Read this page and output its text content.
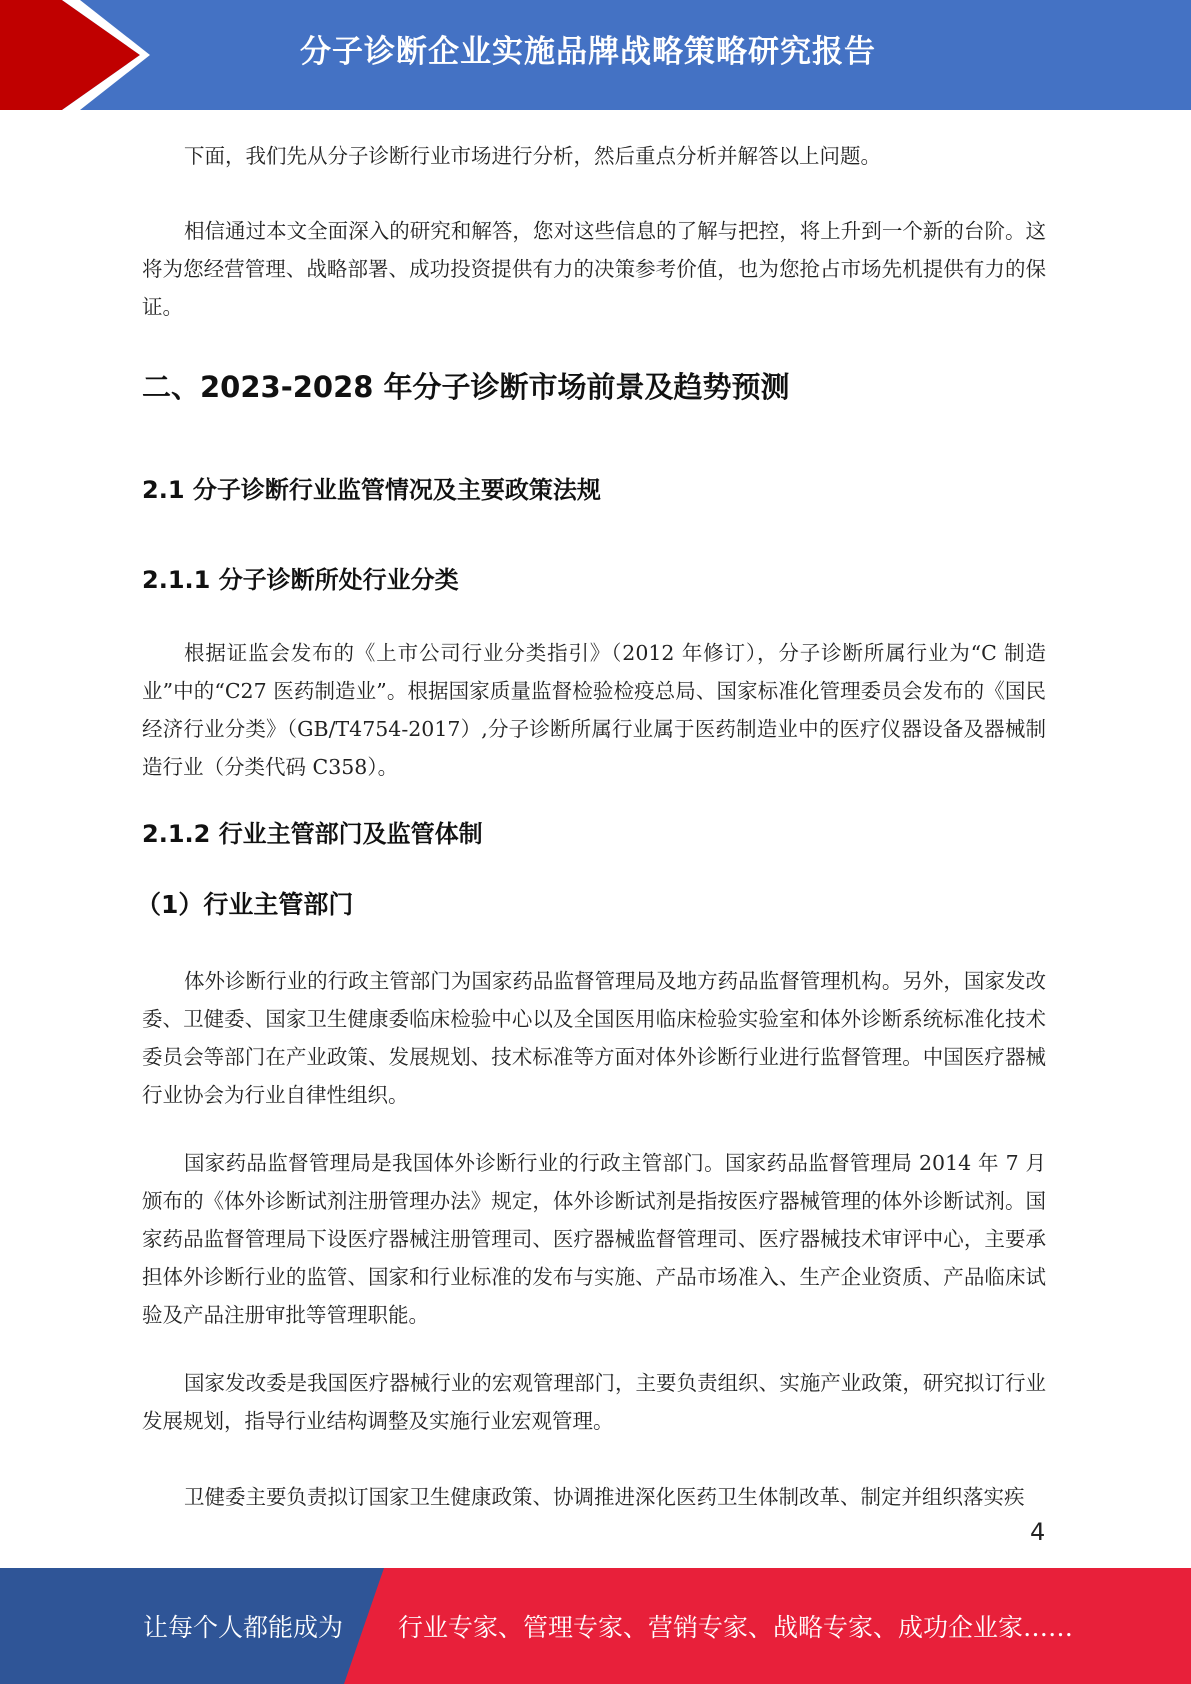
分子诊断企业实施品牌战略策略研究报告

下面，我们先从分子诊断行业市场进行分析，然后重点分析并解答以上问题。

相信通过本文全面深入的研究和解答，您对这些信息的了解与把控，将上升到一个新的台阶。这将为您经营管理、战略部署、成功投资提供有力的决策参考价值，也为您抢占市场先机提供有力的保证。

二、2023-2028 年分子诊断市场前景及趋势预测
2.1 分子诊断行业监管情况及主要政策法规
2.1.1 分子诊断所处行业分类

根据证监会发布的《上市公司行业分类指引》（2012 年修订），分子诊断所属行业为“C 制造业”中的“C27 医药制造业”。根据国家质量监督检验检疫总局、国家标准化管理委员会发布的《国民经济行业分类》（GB/T4754-2017）,分子诊断所属行业属于医药制造业中的医疗仪器设备及器械制造行业（分类代码 C358）。

2.1.2 行业主管部门及监管体制
（1）行业主管部门

体外诊断行业的行政主管部门为国家药品监督管理局及地方药品监督管理机构。另外，国家发改委、卫健委、国家卫生健康委临床检验中心以及全国医用临床检验实验室和体外诊断系统标准化技术委员会等部门在产业政策、发展规划、技术标准等方面对体外诊断行业进行监督管理。中国医疗器械行业协会为行业自律性组织。

国家药品监督管理局是我国体外诊断行业的行政主管部门。国家药品监督管理局 2014 年 7 月颁布的《体外诊断试剂注册管理办法》规定，体外诊断试剂是指按医疗器械管理的体外诊断试剂。国家药品监督管理局下设医疗器械注册管理司、医疗器械监督管理司、医疗器械技术审评中心，主要承担体外诊断行业的监管、国家和行业标准的发布与实施、产品市场准入、生产企业资质、产品临床试验及产品注册审批等管理职能。

国家发改委是我国医疗器械行业的宏观管理部门，主要负责组织、实施产业政策，研究拟订行业发展规划，指导行业结构调整及实施行业宏观管理。

卫健委主要负责拟订国家卫生健康政策、协调推进深化医药卫生体制改革、制定并组织落实疾

4
让每个人都能成为 行业专家、管理专家、营销专家、战略专家、成功企业家……
